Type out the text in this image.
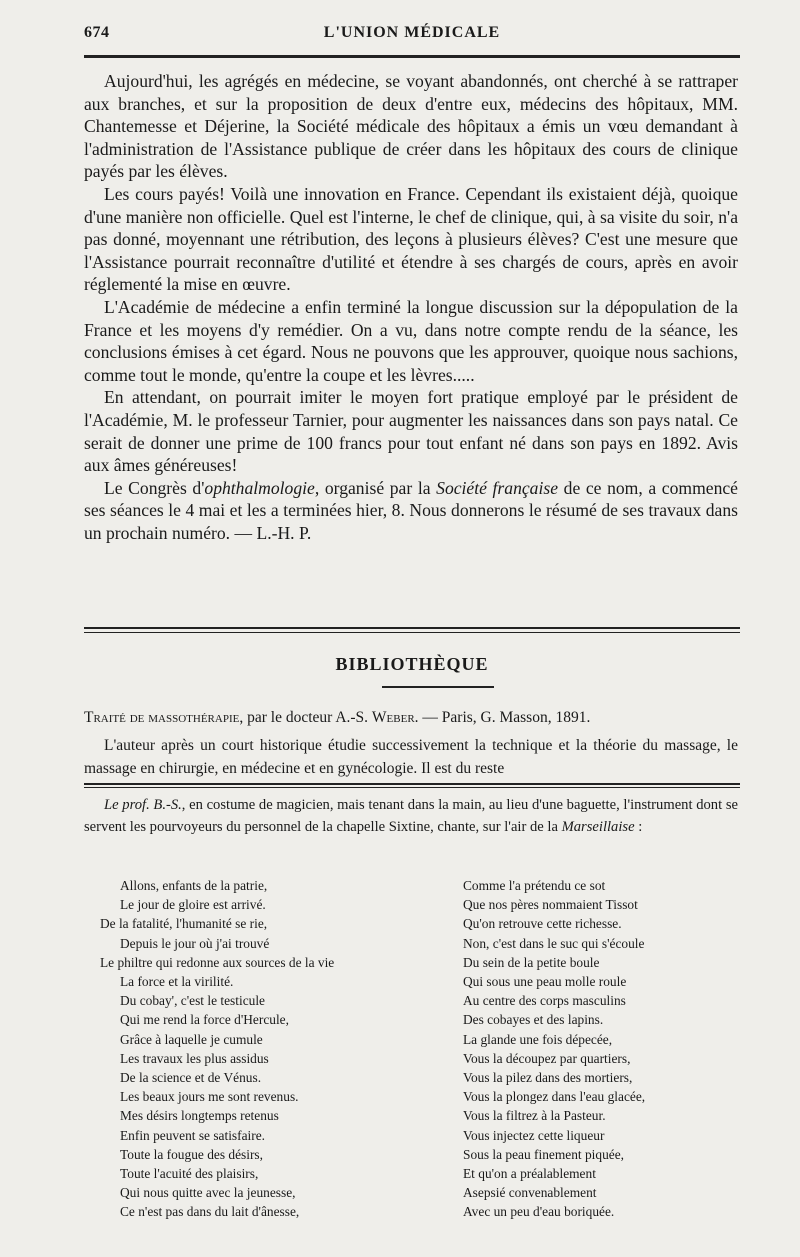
674	L'UNION MÉDICALE

Aujourd'hui, les agrégés en médecine, se voyant abandonnés, ont cherché à se rattraper aux branches, et sur la proposition de deux d'entre eux, médecins des hôpitaux, MM. Chantemesse et Déjerine, la Société médicale des hôpitaux a émis un vœu demandant à l'administration de l'Assistance publique de créer dans les hôpitaux des cours de clinique payés par les élèves.

Les cours payés! Voilà une innovation en France. Cependant ils existaient déjà, quoique d'une manière non officielle. Quel est l'interne, le chef de clinique, qui, à sa visite du soir, n'a pas donné, moyennant une rétribution, des leçons à plusieurs élèves? C'est une mesure que l'Assistance pourrait reconnaître d'utilité et étendre à ses chargés de cours, après en avoir réglementé la mise en œuvre.

L'Académie de médecine a enfin terminé la longue discussion sur la dépopulation de la France et les moyens d'y remédier. On a vu, dans notre compte rendu de la séance, les conclusions émises à cet égard. Nous ne pouvons que les approuver, quoique nous sachions, comme tout le monde, qu'entre la coupe et les lèvres.....

En attendant, on pourrait imiter le moyen fort pratique employé par le président de l'Académie, M. le professeur Tarnier, pour augmenter les naissances dans son pays natal. Ce serait de donner une prime de 100 francs pour tout enfant né dans son pays en 1892. Avis aux âmes généreuses!

Le Congrès d'ophthalmologie, organisé par la Société française de ce nom, a commencé ses séances le 4 mai et les a terminées hier, 8. Nous donnerons le résumé de ses travaux dans un prochain numéro. — L.-H. P.

BIBLIOTHÈQUE
Traité de massothérapie, par le docteur A.-S. Weber. — Paris, G. Masson, 1891.

L'auteur après un court historique étudie successivement la technique et la théorie du massage, le massage en chirurgie, en médecine et en gynécologie. Il est du reste

Le prof. B.-S., en costume de magicien, mais tenant dans la main, au lieu d'une baguette, l'instrument dont se servent les pourvoyeurs du personnel de la chapelle Sixtine, chante, sur l'air de la Marseillaise :

Allons, enfants de la patrie,
Le jour de gloire est arrivé.
De la fatalité, l'humanité se rie,
Depuis le jour où j'ai trouvé
Le philtre qui redonne aux sources de la vie
La force et la virilité.
Du cobay', c'est le testicule
Qui me rend la force d'Hercule,
Grâce à laquelle je cumule
Les travaux les plus assidus
De la science et de Vénus.
Les beaux jours me sont revenus.
Mes désirs longtemps retenus
Enfin peuvent se satisfaire.
Toute la fougue des désirs,
Toute l'acuité des plaisirs,
Qui nous quitte avec la jeunesse,
Ce n'est pas dans du lait d'ânesse,
Comme l'a prétendu ce sot
Que nos pères nommaient Tissot
Qu'on retrouve cette richesse.
Non, c'est dans le suc qui s'écoule
Du sein de la petite boule
Qui sous une peau molle roule
Au centre des corps masculins
Des cobayes et des lapins.
La glande une fois dépecée,
Vous la découpez par quartiers,
Vous la pilez dans des mortiers,
Vous la plongez dans l'eau glacée,
Vous la filtrez à la Pasteur.
Vous injectez cette liqueur
Sous la peau finement piquée,
Et qu'on a préalablement
Asepsié convenablement
Avec un peu d'eau boriquée.
